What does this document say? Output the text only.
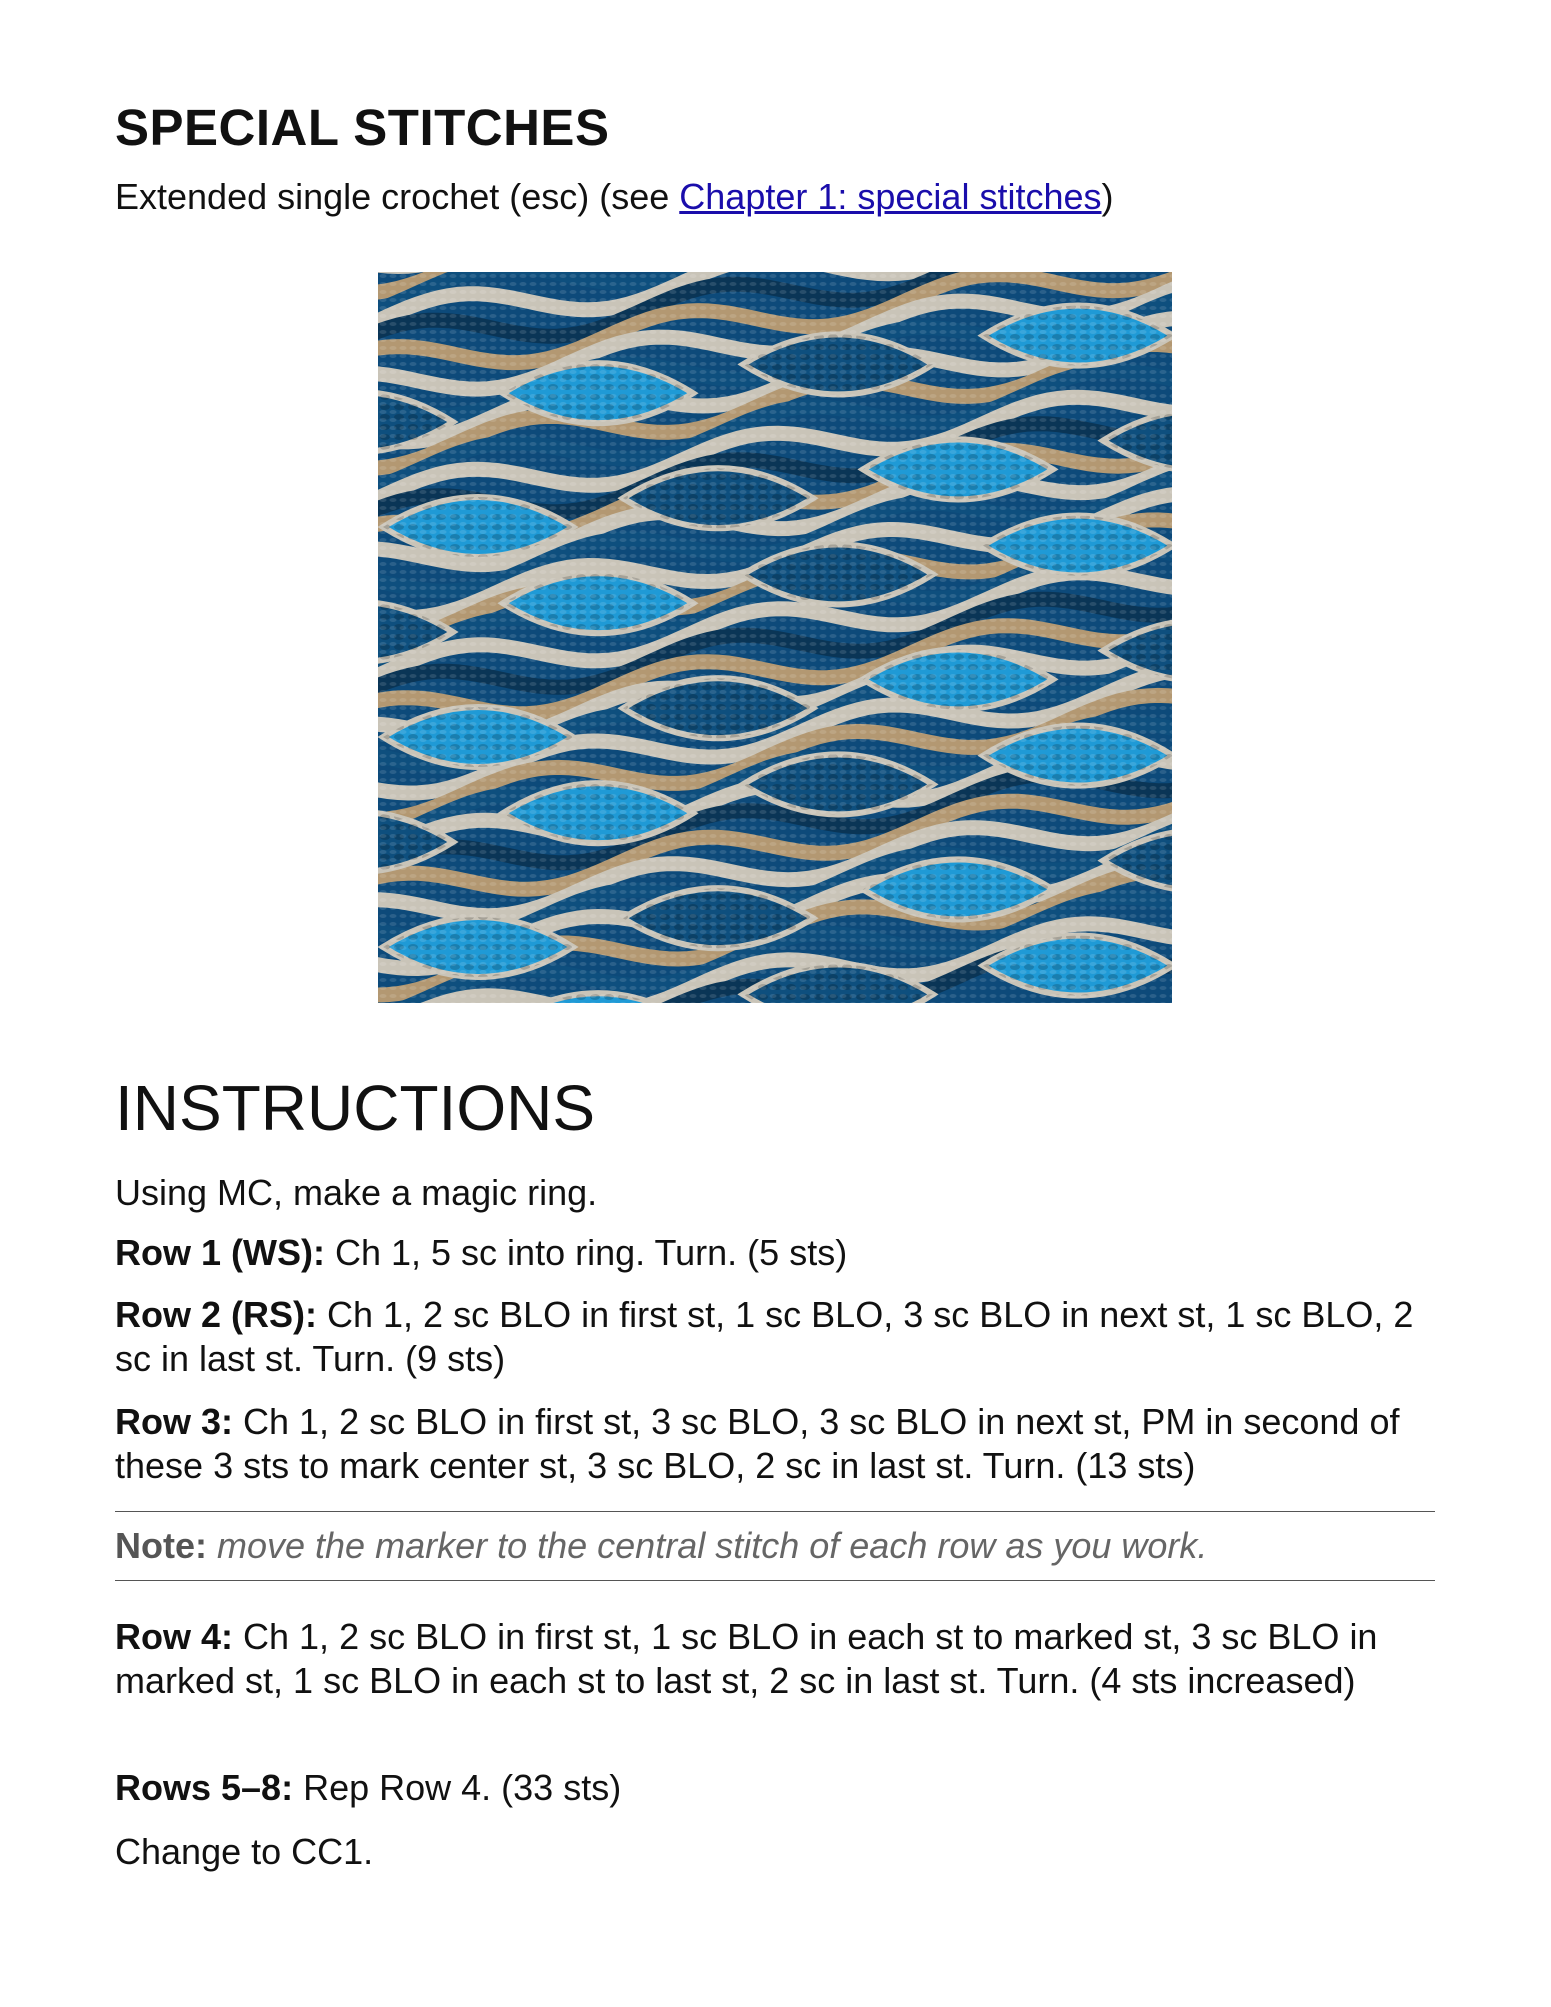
SPECIAL STITCHES

Extended single crochet (esc) (see Chapter 1: special stitches)

INSTRUCTIONS

Using MC, make a magic ring.

Row 1 (WS): Ch 1, 5 sc into ring. Turn. (5 sts)

Row 2 (RS): Ch 1, 2 sc BLO in first st, 1 sc BLO, 3 sc BLO in next st, 1 sc BLO, 2 sc in last st. Turn. (9 sts)

Row 3: Ch 1, 2 sc BLO in first st, 3 sc BLO, 3 sc BLO in next st, PM in second of these 3 sts to mark center st, 3 sc BLO, 2 sc in last st. Turn. (13 sts)

Note: move the marker to the central stitch of each row as you work.

Row 4: Ch 1, 2 sc BLO in first st, 1 sc BLO in each st to marked st, 3 sc BLO in marked st, 1 sc BLO in each st to last st, 2 sc in last st. Turn. (4 sts increased)

Rows 5–8: Rep Row 4. (33 sts)

Change to CC1.
